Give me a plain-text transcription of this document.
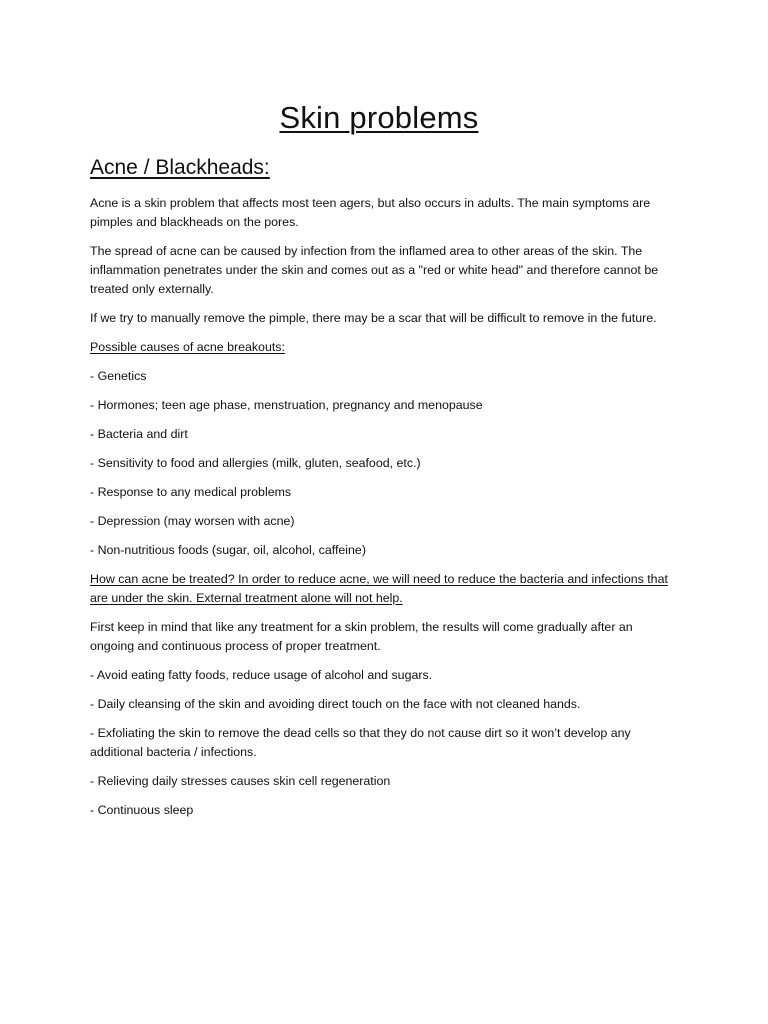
Skin problems
Acne / Blackheads:

Acne is a skin problem that affects most teen agers, but also occurs in adults. The main symptoms are pimples and blackheads on the pores.

The spread of acne can be caused by infection from the inflamed area to other areas of the skin. The inflammation penetrates under the skin and comes out as a "red or white head" and therefore cannot be treated only externally.

If we try to manually remove the pimple, there may be a scar that will be difficult to remove in the future.

Possible causes of acne breakouts:

- Genetics

- Hormones; teen age phase, menstruation, pregnancy and menopause

- Bacteria and dirt

- Sensitivity to food and allergies (milk, gluten, seafood, etc.)

- Response to any medical problems

- Depression (may worsen with acne)

- Non-nutritious foods (sugar, oil, alcohol, caffeine)

How can acne be treated? In order to reduce acne, we will need to reduce the bacteria and infections that are under the skin. External treatment alone will not help.

First keep in mind that like any treatment for a skin problem, the results will come gradually after an ongoing and continuous process of proper treatment.

- Avoid eating fatty foods, reduce usage of alcohol and sugars.

- Daily cleansing of the skin and avoiding direct touch on the face with not cleaned hands.

- Exfoliating the skin to remove the dead cells so that they do not cause dirt so it won’t develop any additional bacteria / infections.

- Relieving daily stresses causes skin cell regeneration

- Continuous sleep
